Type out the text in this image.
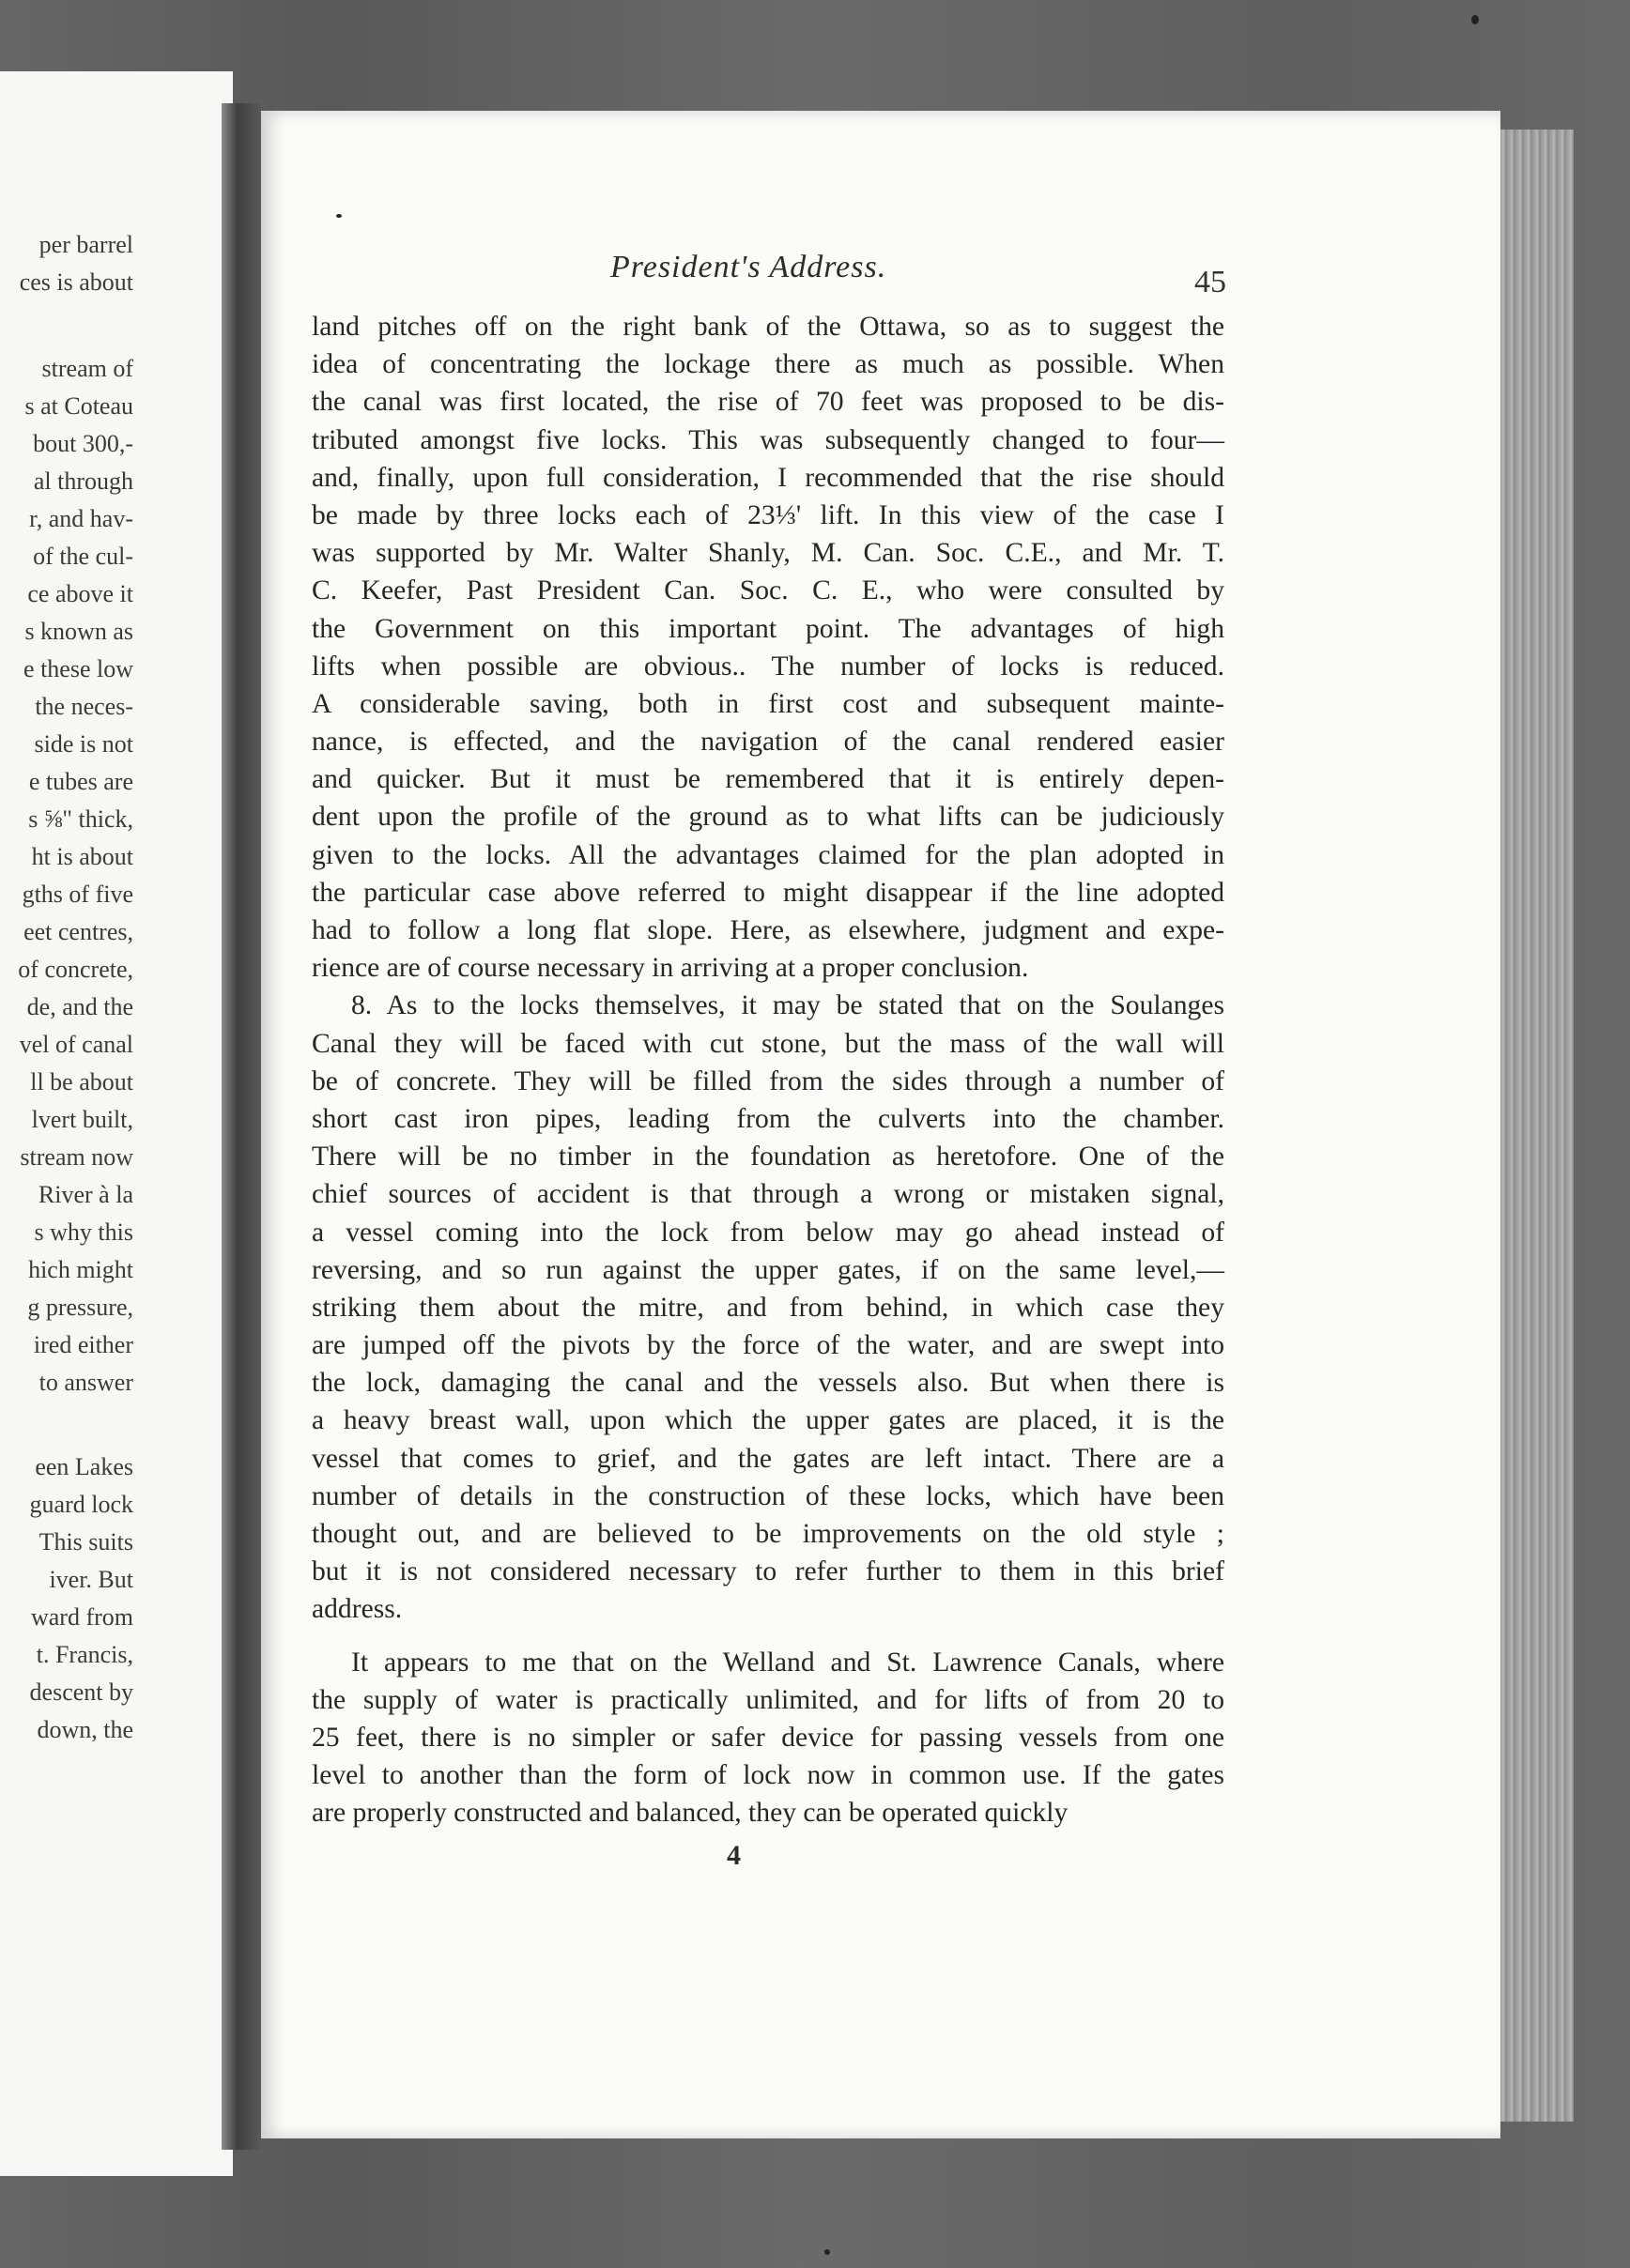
per barrel
ces is about
stream of
s at Coteau
bout 300,-
al through
r, and hav-
of the cul-
ce above it
s known as
e these low
the neces-
side is not
e tubes are
s ⅝" thick,
ht is about
gths of five
eet centres,
of concrete,
de, and the
vel of canal
ll be about
lvert built,
stream now
River à la
s why this
hich might
g pressure,
ired either
to answer
een Lakes
guard lock
This suits
iver. But
ward from
t. Francis,
descent by
down, the
President's Address.	45
land pitches off on the right bank of the Ottawa, so as to suggest the
idea of concentrating the lockage there as much as possible. When
the canal was first located, the rise of 70 feet was proposed to be dis-
tributed amongst five locks. This was subsequently changed to four—
and, finally, upon full consideration, I recommended that the rise should
be made by three locks each of 23⅓' lift. In this view of the case I
was supported by Mr. Walter Shanly, M. Can. Soc. C.E., and Mr. T.
C. Keefer, Past President Can. Soc. C. E., who were consulted by
the Government on this important point. The advantages of high
lifts when possible are obvious.. The number of locks is reduced.
A considerable saving, both in first cost and subsequent mainte-
nance, is effected, and the navigation of the canal rendered easier
and quicker. But it must be remembered that it is entirely depen-
dent upon the profile of the ground as to what lifts can be judiciously
given to the locks. All the advantages claimed for the plan adopted in
the particular case above referred to might disappear if the line adopted
had to follow a long flat slope. Here, as elsewhere, judgment and expe-
rience are of course necessary in arriving at a proper conclusion.
8. As to the locks themselves, it may be stated that on the Soulanges
Canal they will be faced with cut stone, but the mass of the wall will
be of concrete. They will be filled from the sides through a number of
short cast iron pipes, leading from the culverts into the chamber.
There will be no timber in the foundation as heretofore. One of the
chief sources of accident is that through a wrong or mistaken signal,
a vessel coming into the lock from below may go ahead instead of
reversing, and so run against the upper gates, if on the same level,—
striking them about the mitre, and from behind, in which case they
are jumped off the pivots by the force of the water, and are swept into
the lock, damaging the canal and the vessels also. But when there is
a heavy breast wall, upon which the upper gates are placed, it is the
vessel that comes to grief, and the gates are left intact. There are a
number of details in the construction of these locks, which have been
thought out, and are believed to be improvements on the old style ;
but it is not considered necessary to refer further to them in this brief
address.
It appears to me that on the Welland and St. Lawrence Canals, where
the supply of water is practically unlimited, and for lifts of from 20 to
25 feet, there is no simpler or safer device for passing vessels from one
level to another than the form of lock now in common use. If the gates
are properly constructed and balanced, they can be operated quickly
4
